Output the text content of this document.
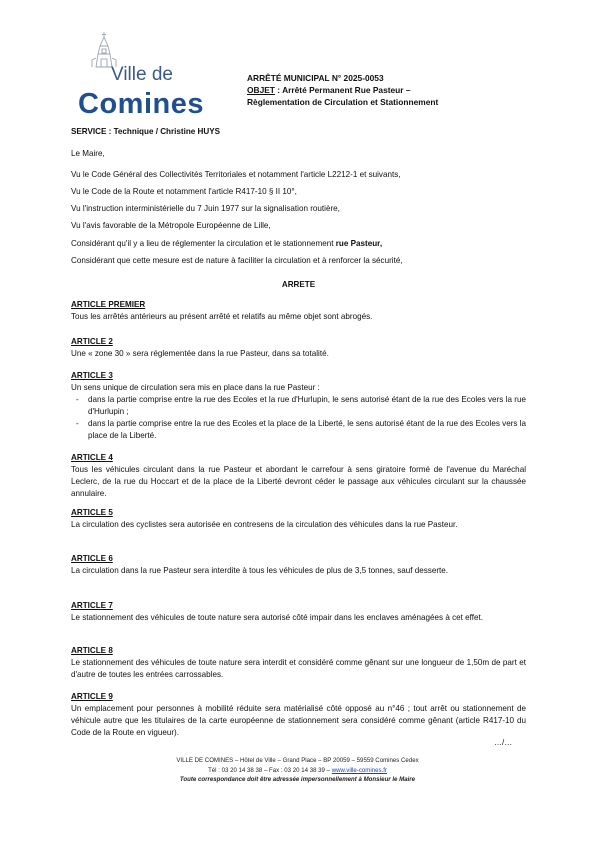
Ville de
Comines
ARRÊTÉ MUNICIPAL N° 2025-0053
OBJET : Arrêté Permanent Rue Pasteur –
Règlementation de Circulation et Stationnement
SERVICE : Technique / Christine HUYS
Le Maire,
Vu le Code Général des Collectivités Territoriales et notamment l'article L2212-1 et suivants,
Vu le Code de la Route et notamment l'article R417-10 § II 10°,
Vu l'instruction interministérielle du 7 Juin 1977 sur la signalisation routière,
Vu l'avis favorable de la Métropole Européenne de Lille,
Considérant qu'il y a lieu de réglementer la circulation et le stationnement rue Pasteur,
Considérant que cette mesure est de nature à faciliter la circulation et à renforcer la sécurité,
ARRETE
ARTICLE PREMIER
Tous les arrêtés antérieurs au présent arrêté et relatifs au même objet sont abrogés.
ARTICLE 2
Une « zone 30 » sera réglementée dans la rue Pasteur, dans sa totalité.
ARTICLE 3
Un sens unique de circulation sera mis en place dans la rue Pasteur :
- dans la partie comprise entre la rue des Ecoles et la rue d'Hurlupin, le sens autorisé étant de la rue des Ecoles vers la rue d'Hurlupin ;
- dans la partie comprise entre la rue des Ecoles et la place de la Liberté, le sens autorisé étant de la rue des Ecoles vers la place de la Liberté.
ARTICLE 4
Tous les véhicules circulant dans la rue Pasteur et abordant le carrefour à sens giratoire formé de l'avenue du Maréchal Leclerc, de la rue du Hoccart et de la place de la Liberté devront céder le passage aux véhicules circulant sur la chaussée annulaire.
ARTICLE 5
La circulation des cyclistes sera autorisée en contresens de la circulation des véhicules dans la rue Pasteur.
ARTICLE 6
La circulation dans la rue Pasteur sera interdite à tous les véhicules de plus de 3,5 tonnes, sauf desserte.
ARTICLE 7
Le stationnement des véhicules de toute nature sera autorisé côté impair dans les enclaves aménagées à cet effet.
ARTICLE 8
Le stationnement des véhicules de toute nature sera interdit et considéré comme gênant sur une longueur de 1,50m de part et d'autre de toutes les entrées carrossables.
ARTICLE 9
Un emplacement pour personnes à mobilité réduite sera matérialisé côté opposé au n°46 ; tout arrêt ou stationnement de véhicule autre que les titulaires de la carte européenne de stationnement sera considéré comme gênant (article R417-10 du Code de la Route en vigueur).
…/…
VILLE DE COMINES – Hôtel de Ville – Grand Place – BP 20059 – 59559 Comines Cedex
Tél : 03 20 14 38 38 – Fax : 03 20 14 38 39 – www.ville-comines.fr
Toute correspondance doit être adressée impersonnellement à Monsieur le Maire
